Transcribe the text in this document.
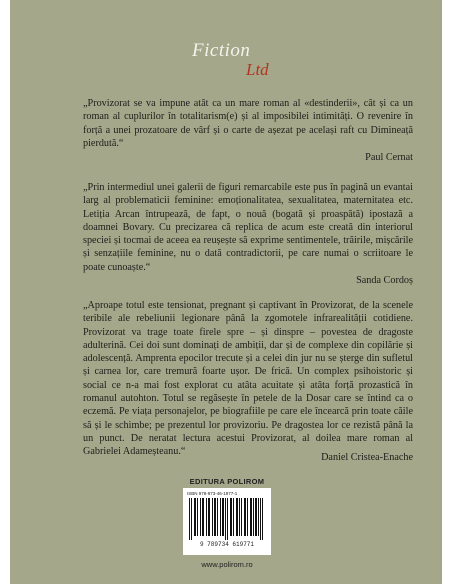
Fiction
Ltd

„Provizorat se va impune atât ca un mare roman al «destinderii», cât și ca un roman al cuplurilor în totalitarism(e) și al imposibilei intimități. O revenire în forță a unei prozatoare de vârf și o carte de așezat pe același raft cu Dimineață pierdută.“

Paul Cernat

„Prin intermediul unei galerii de figuri remarcabile este pus în pagină un evantai larg al problematicii feminine: emoționalitatea, sexualitatea, maternitatea etc. Letiția Arcan întrupează, de fapt, o nouă (bogată și proaspătă) ipostază a doamnei Bovary. Cu precizarea că replica de acum este creată din interiorul speciei și tocmai de aceea ea reușește să exprime sentimentele, trăirile, mișcările și senzațiile feminine, nu o dată contradictorii, pe care numai o scriitoare le poate cunoaște.“

Sanda Cordoș

„Aproape totul este tensionat, pregnant și captivant în Provizorat, de la scenele teribile ale rebeliunii legionare până la zgomotele infrarealității cotidiene. Provizorat va trage toate firele spre – și dinspre – povestea de dragoste adulterină. Cei doi sunt dominați de ambiții, dar și de complexe din copilărie și adolescență. Amprenta epocilor trecute și a celei din jur nu se șterge din sufletul și carnea lor, care tremură foarte ușor. De frică. Un complex psihoistoric și social ce n-a mai fost explorat cu atâta acuitate și atâta forță prozastică în romanul autohton. Totul se regăsește în petele de la Dosar care se întind ca o eczemă. Pe viața personajelor, pe biografiile pe care ele încearcă prin toate căile să și le schimbe; pe prezentul lor provizoriu. Pe dragostea lor ce rezistă până la un punct. De neratat lectura acestui Provizorat, al doilea mare roman al Gabrielei Adameșteanu.“

Daniel Cristea-Enache
EDITURA POLIROM
ISBN 978-973-46-1977-1
9 789734 619771
www.polirom.ro
